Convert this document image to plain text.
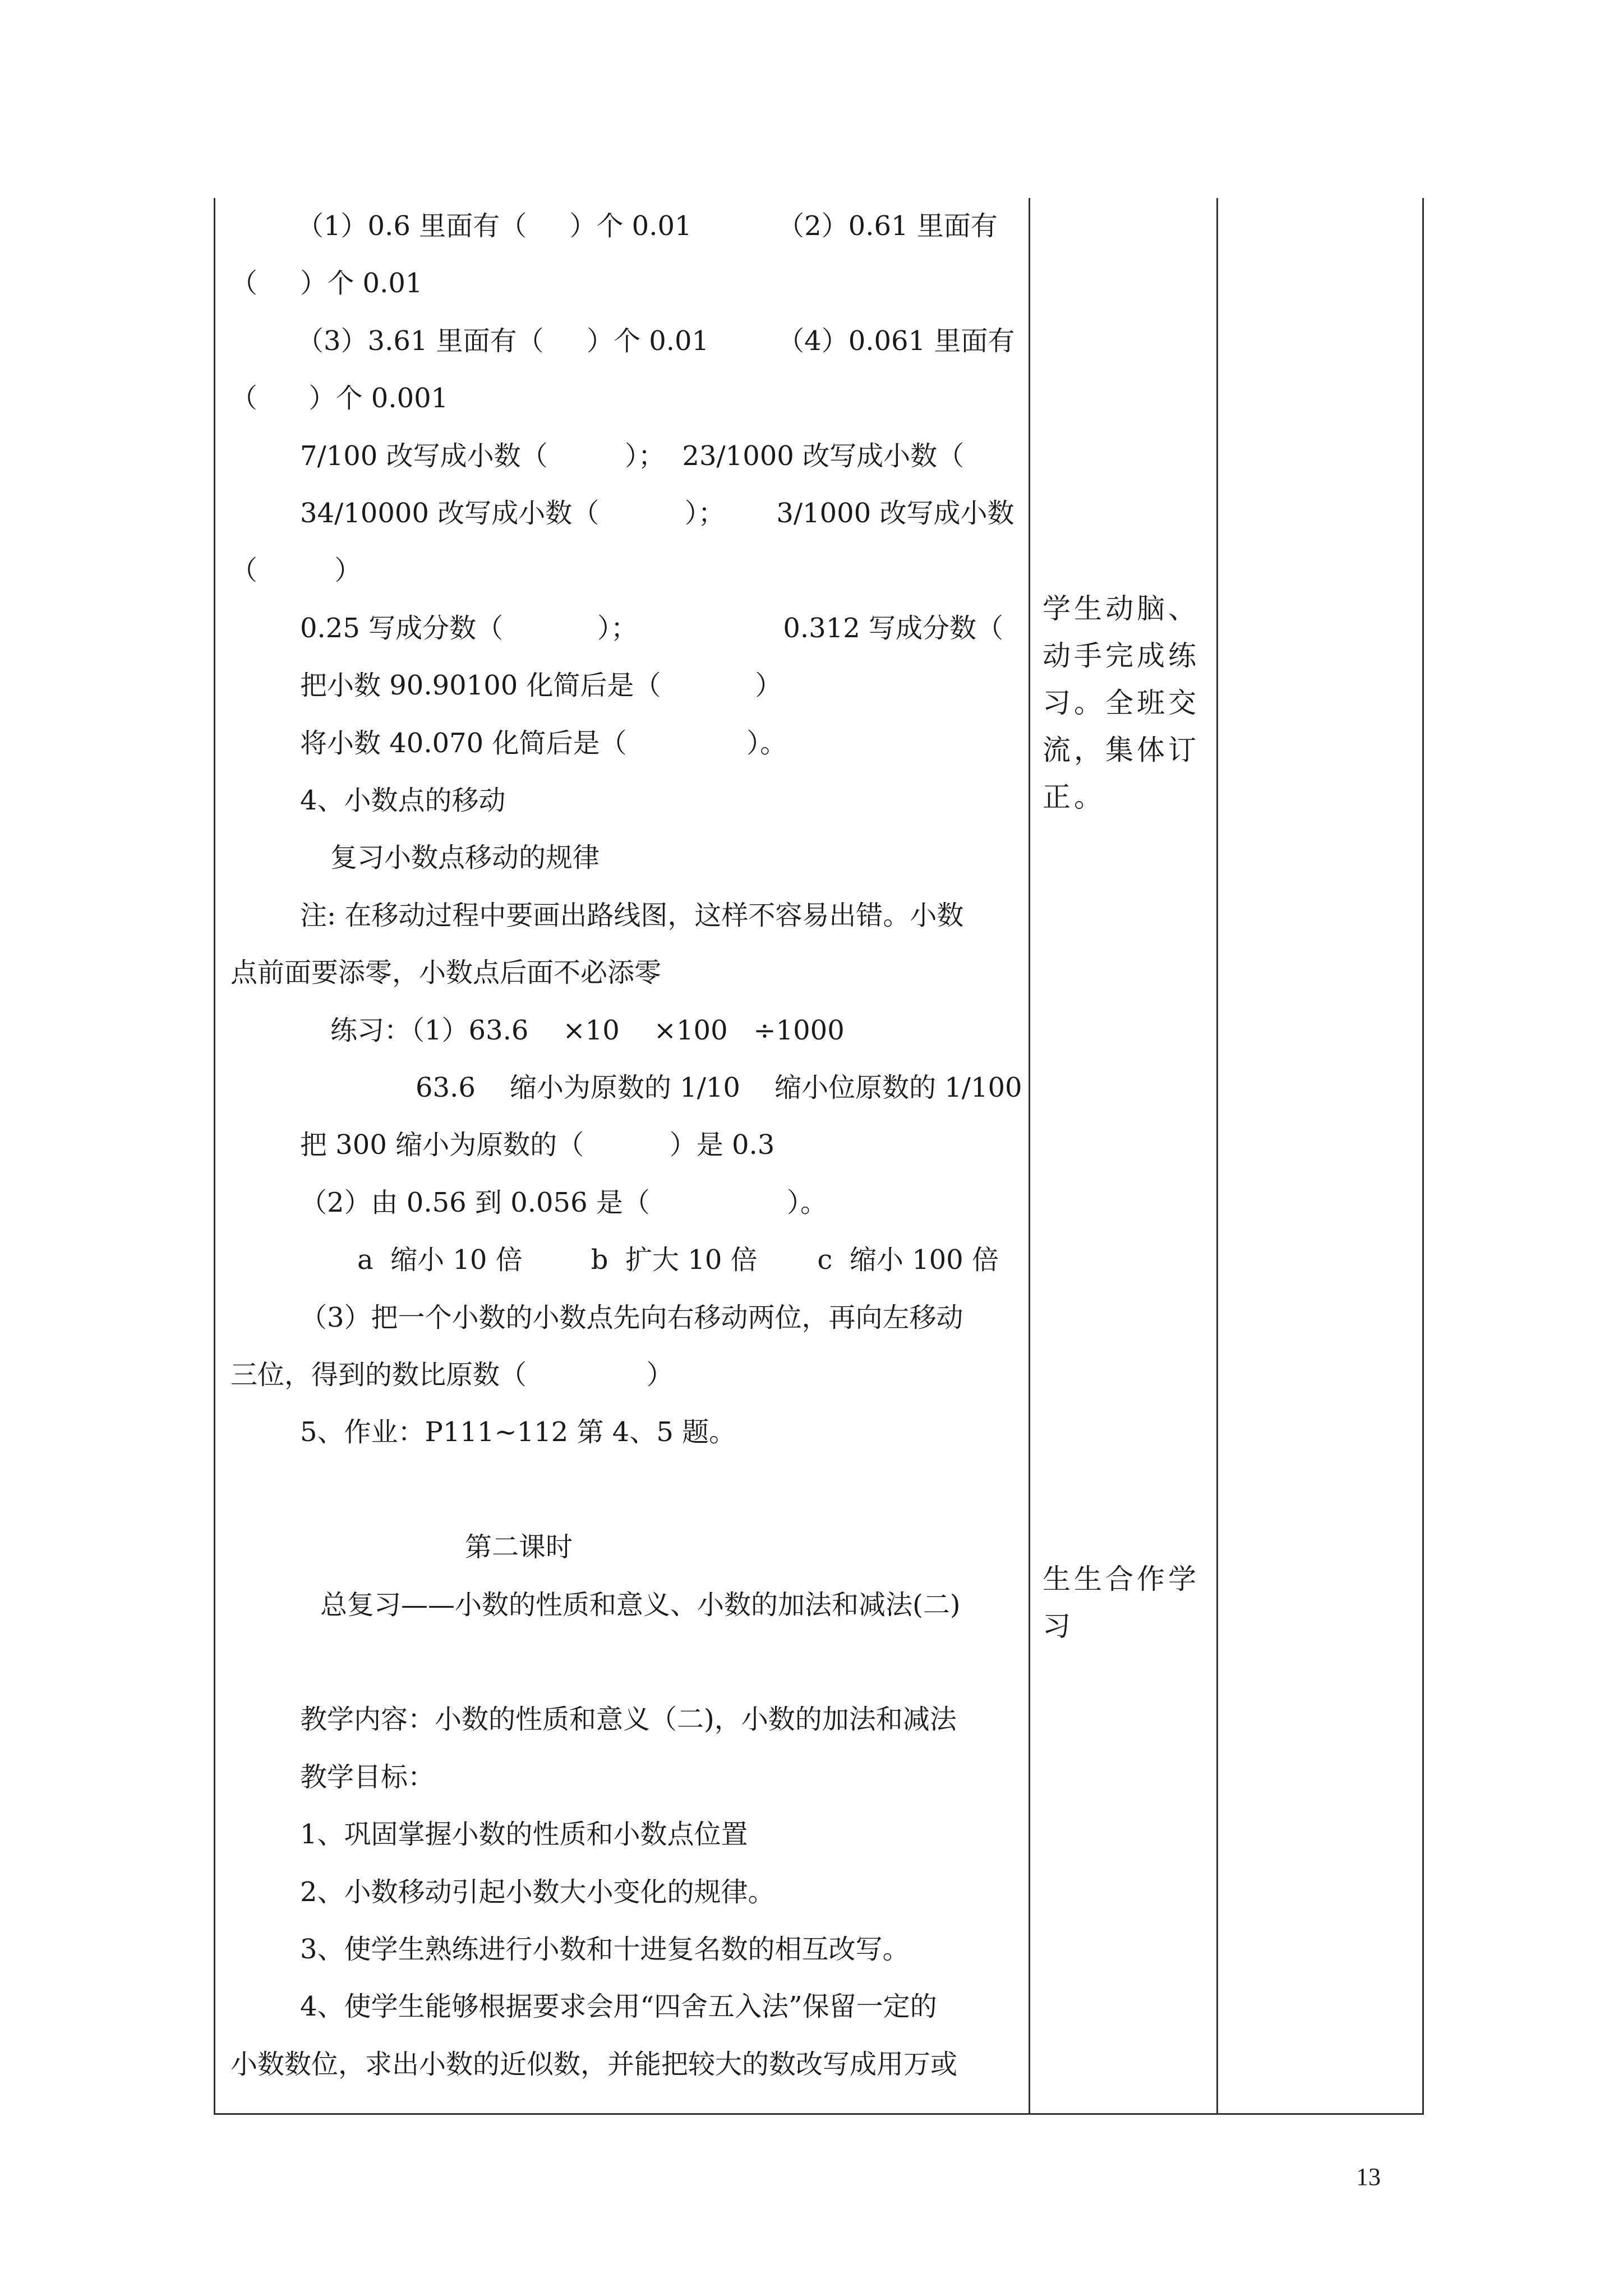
（1）0.6 里面有（     ）个 0.01          （2）0.61 里面有
（     ）个 0.01
（3）3.61 里面有（     ）个 0.01        （4）0.061 里面有
（      ）个 0.001
7/100 改写成小数（         ）；  23/1000 改写成小数（
34/10000 改写成小数（          ）；      3/1000 改写成小数
（         ）
0.25 写成分数（           ）；                 0.312 写成分数（
把小数 90.90100 化简后是（           ）
将小数 40.070 化简后是（              ）。
4、小数点的移动
复习小数点移动的规律
注: 在移动过程中要画出路线图，这样不容易出错。小数
点前面要添零，小数点后面不必添零
练习：（1）63.6    ×10    ×100   ÷1000
63.6    缩小为原数的 1/10    缩小位原数的 1/100
把 300 缩小为原数的（          ）是 0.3
（2）由 0.56 到 0.056 是（                ）。
a  缩小 10 倍        b  扩大 10 倍       c  缩小 100 倍
（3）把一个小数的小数点先向右移动两位，再向左移动
三位，得到的数比原数（              ）
5、作业：P111~112 第 4、5 题。
第二课时
总复习——小数的性质和意义、小数的加法和减法(二)
教学内容：小数的性质和意义（二)，小数的加法和减法
教学目标：
1、巩固掌握小数的性质和小数点位置
2、小数移动引起小数大小变化的规律。
3、使学生熟练进行小数和十进复名数的相互改写。
4、使学生能够根据要求会用“四舍五入法”保留一定的
小数数位，求出小数的近似数，并能把较大的数改写成用万或
学生动脑、
动手完成练
习。全班交
流，集体订
正。
生生合作学
习
13
